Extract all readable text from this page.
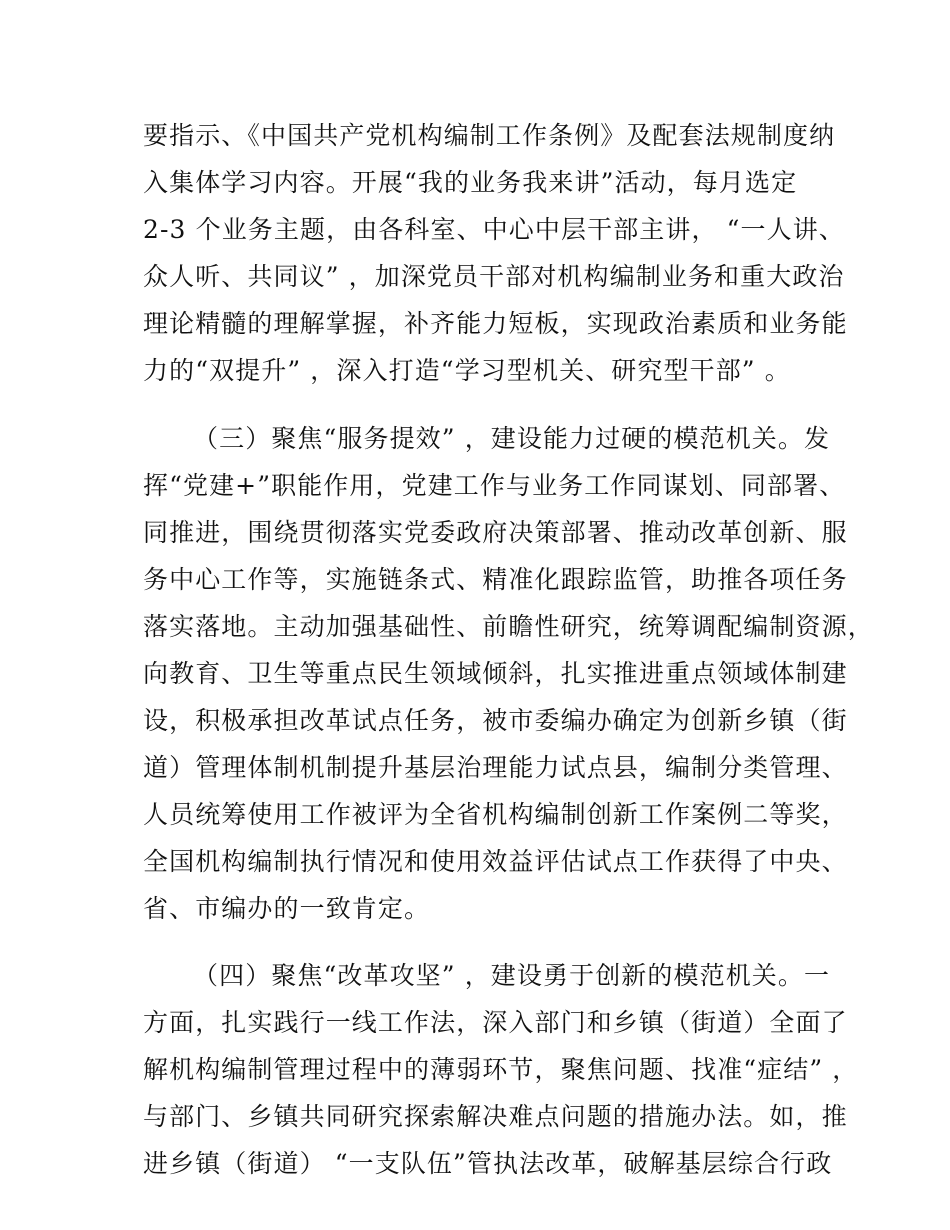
要指示、《中国共产党机构编制工作条例》及配套法规制度纳
入集体学习内容。开展“我的业务我来讲”活动，每月选定
2-3 个业务主题，由各科室、中心中层干部主讲， “一人讲、
众人听、共同议” ，加深党员干部对机构编制业务和重大政治
理论精髓的理解掌握，补齐能力短板，实现政治素质和业务能
力的“双提升” ，深入打造“学习型机关、研究型干部” 。
（三）聚焦“服务提效” ，建设能力过硬的模范机关。发
挥“党建+”职能作用，党建工作与业务工作同谋划、同部署、
同推进，围绕贯彻落实党委政府决策部署、推动改革创新、服
务中心工作等，实施链条式、精准化跟踪监管，助推各项任务
落实落地。主动加强基础性、前瞻性研究，统筹调配编制资源，
向教育、卫生等重点民生领域倾斜，扎实推进重点领域体制建
设，积极承担改革试点任务，被市委编办确定为创新乡镇（街
道）管理体制机制提升基层治理能力试点县，编制分类管理、
人员统筹使用工作被评为全省机构编制创新工作案例二等奖，
全国机构编制执行情况和使用效益评估试点工作获得了中央、
省、市编办的一致肯定。
（四）聚焦“改革攻坚” ，建设勇于创新的模范机关。一
方面，扎实践行一线工作法，深入部门和乡镇（街道）全面了
解机构编制管理过程中的薄弱环节，聚焦问题、找准“症结” ，
与部门、乡镇共同研究探索解决难点问题的措施办法。如，推
进乡镇（街道） “一支队伍”管执法改革，破解基层综合行政
